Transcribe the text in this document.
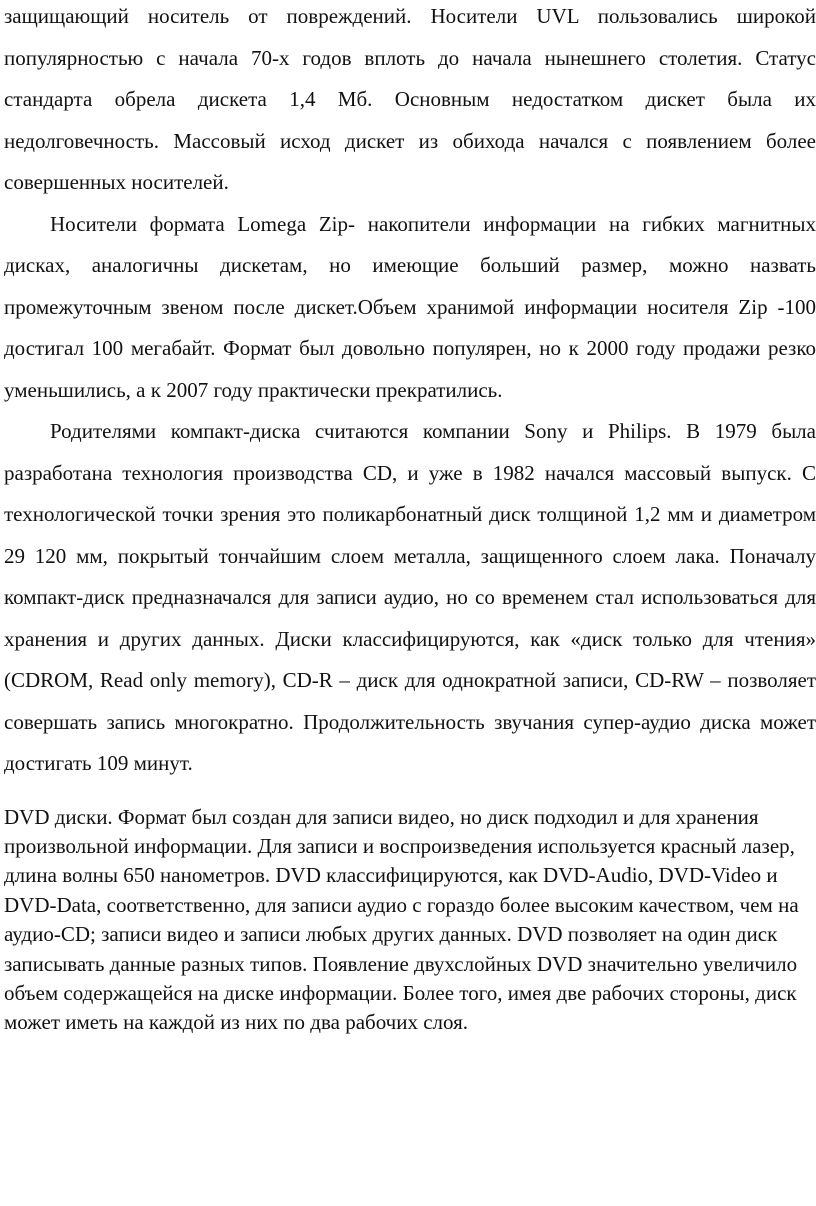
защищающий носитель от повреждений. Носители UVL пользовались широкой популярностью с начала 70-х годов вплоть до начала нынешнего столетия. Статус стандарта обрела дискета 1,4 Мб. Основным недостатком дискет была их недолговечность. Массовый исход дискет из обихода начался с появлением более совершенных носителей.

Носители формата Lomega Zip- накопители информации на гибких магнитных дисках, аналогичны дискетам, но имеющие больший размер, можно назвать промежуточным звеном после дискет.Объем хранимой информации носителя Zip -100 достигал 100 мегабайт. Формат был довольно популярен, но к 2000 году продажи резко уменьшились, а к 2007 году практически прекратились.

Родителями компакт-диска считаются компании Sony и Philips. В 1979 была разработана технология производства CD, и уже в 1982 начался массовый выпуск. С технологической точки зрения это поликарбонатный диск толщиной 1,2 мм и диаметром 29 120 мм, покрытый тончайшим слоем металла, защищенного слоем лака. Поначалу компакт-диск предназначался для записи аудио, но со временем стал использоваться для хранения и других данных. Диски классифицируются, как «диск только для чтения» (CDROM, Read only memory), CD-R – диск для однократной записи, CD-RW – позволяет совершать запись многократно. Продолжительность звучания супер-аудио диска может достигать 109 минут.

DVD диски. Формат был создан для записи видео, но диск подходил и для хранения произвольной информации. Для записи и воспроизведения используется красный лазер, длина волны 650 нанометров. DVD классифицируются, как DVD-Audio, DVD-Video и DVD-Data, соответственно, для записи аудио с гораздо более высоким качеством, чем на аудио-CD; записи видео и записи любых других данных. DVD позволяет на один диск записывать данные разных типов. Появление двухслойных DVD значительно увеличило объем содержащейся на диске информации. Более того, имея две рабочих стороны, диск может иметь на каждой из них по два рабочих слоя.
